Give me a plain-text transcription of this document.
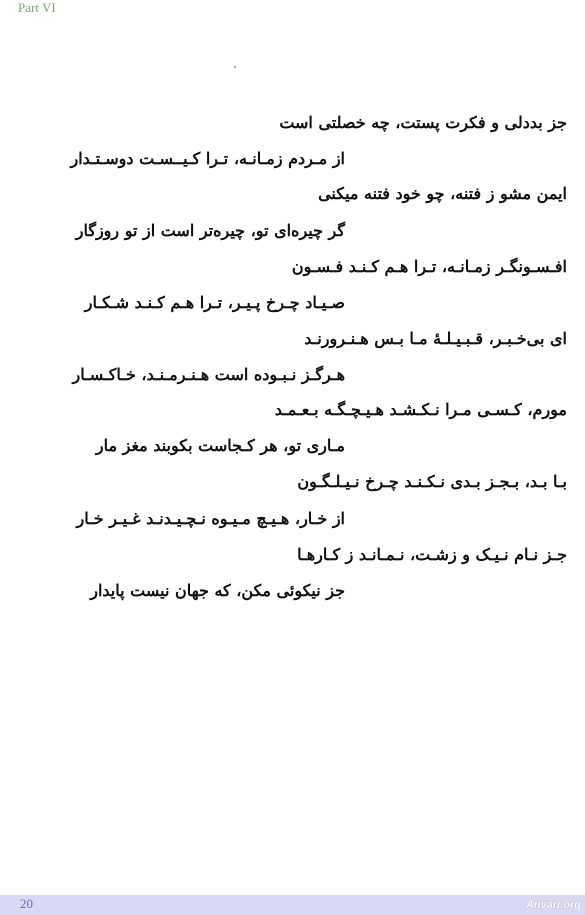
Part VI
جز بددلی و فکرت پستت، چه خصلتی است
از مـردم زمـانـه، تـرا کـیــسـت دوسـتـدار
ایمن مشو ز فتنه، چو خود فتنه میکنی
گر چیره‌ای تو، چیره‌تر است از تو روزگار
افـسـونگـر زمـانـه، تـرا هـم کـنـد فـسـون
صـیـاد چـرخ پـیـر، تـرا هـم کـنـد شـکـار
ای بی‌خـبـر، قـبـیـلـهٔ مـا بـس هـنـرورنـد
هـرگـز نـبـوده است هـنـرمـنـد، خـاکـسـار
مورم، کـسـی مـرا نـکـشـد هـیـچـگـه بـعـمـد
مـاری تو، هر کـجاست بکوبند مغز مار
بـا بـد، بـجـز بـدی نـکـنـد چـرخ نـیـلـگـون
از خـار، هـیـچ مـیـوه نـچـیـدنـد غـیـر خـار
جـز نـام نـیـک و زشـت، نـمـانـد ز کـارهـا
جز نیکوئی مکن، که جهان نیست پایدار
20	Anvari.org
